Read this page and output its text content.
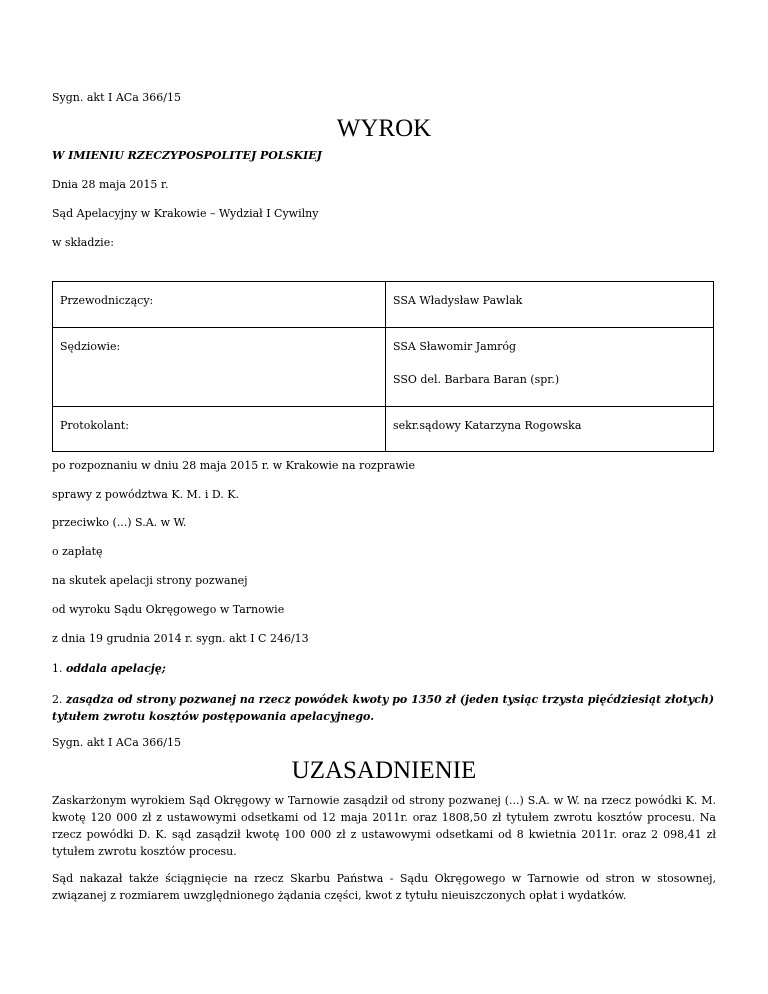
Sygn. akt I ACa 366/15
WYROK
W IMIENIU RZECZYPOSPOLITEJ POLSKIEJ
Dnia 28 maja 2015 r.
Sąd Apelacyjny w Krakowie – Wydział I Cywilny
w składzie:
Przewodniczący:	SSA Władysław Pawlak
Sędziowie:	SSA Sławomir Jamróg
SSO del. Barbara Baran (spr.)

Protokolant:	sekr.sądowy Katarzyna Rogowska
po rozpoznaniu w dniu 28 maja 2015 r. w Krakowie na rozprawie
sprawy z powództwa K. M. i D. K.
przeciwko (...) S.A. w W.
o zapłatę
na skutek apelacji strony pozwanej
od wyroku Sądu Okręgowego w Tarnowie
z dnia 19 grudnia 2014 r. sygn. akt I C 246/13
1. oddala apelację;
2. zasądza od strony pozwanej na rzecz powódek kwoty po 1350 zł (jeden tysiąc trzysta pięćdziesiąt złotych) tytułem zwrotu kosztów postępowania apelacyjnego.
Sygn. akt I ACa 366/15
UZASADNIENIE
Zaskarżonym wyrokiem Sąd Okręgowy w Tarnowie zasądził od strony pozwanej (...) S.A. w W. na rzecz powódki K. M. kwotę 120 000 zł z ustawowymi odsetkami od 12 maja 2011r. oraz 1808,50 zł tytułem zwrotu kosztów procesu. Na rzecz powódki D. K. sąd zasądził kwotę 100 000 zł z ustawowymi odsetkami od 8 kwietnia 2011r. oraz 2 098,41 zł tytułem zwrotu kosztów procesu.
Sąd nakazał także ściągnięcie na rzecz Skarbu Państwa - Sądu Okręgowego w Tarnowie od stron w stosownej, związanej z rozmiarem uwzględnionego żądania części, kwot z tytułu nieuiszczonych opłat i wydatków.
